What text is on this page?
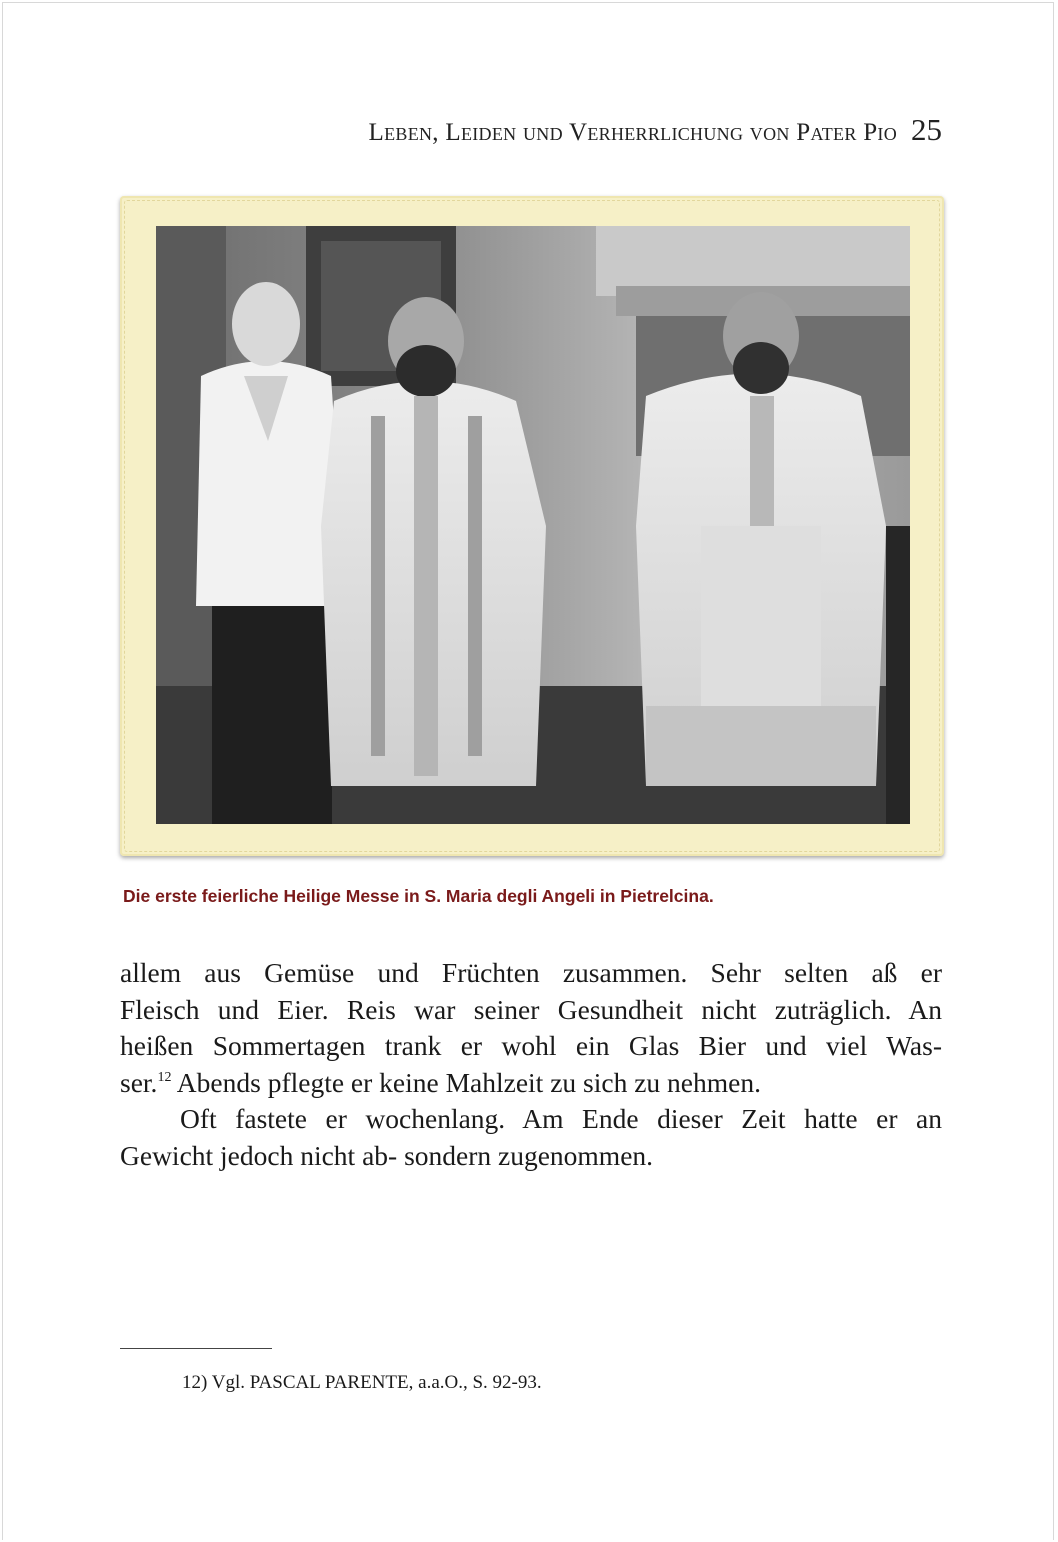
Leben, Leiden und Verherrlichung von Pater Pio 25
Die erste feierliche Heilige Messe in S. Maria degli Angeli in Pietrelcina.
allem aus Gemüse und Früchten zusammen. Sehr selten aß er
Fleisch und Eier. Reis war seiner Gesundheit nicht zuträglich. An
heißen Sommertagen trank er wohl ein Glas Bier und viel Was-
ser.$^{12}$ Abends pflegte er keine Mahlzeit zu sich zu nehmen.
Oft fastete er wochenlang. Am Ende dieser Zeit hatte er an
Gewicht jedoch nicht ab- sondern zugenommen.
12) Vgl. PASCAL PARENTE, a.a.O., S. 92-93.
